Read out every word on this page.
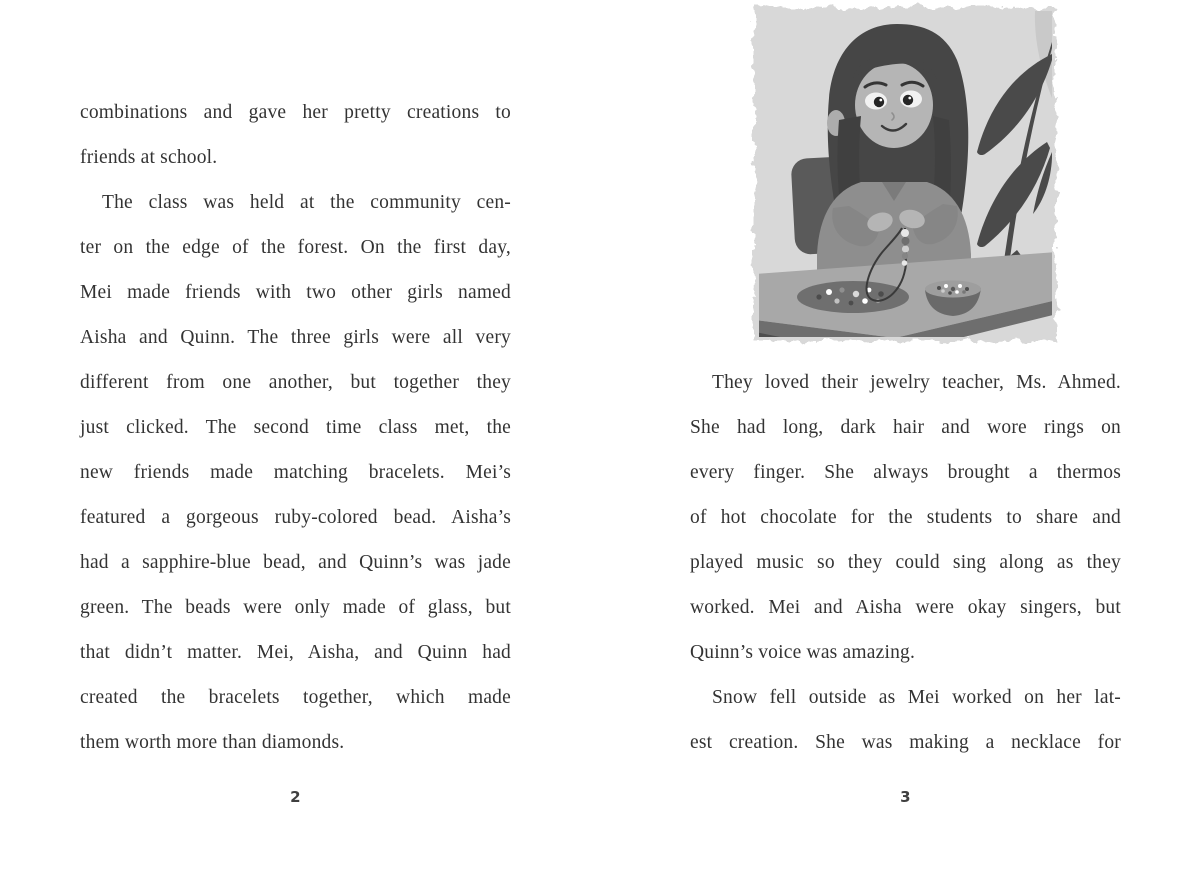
combinations and gave her pretty creations to
friends at school.
The class was held at the community cen-
ter on the edge of the forest. On the first day,
Mei made friends with two other girls named
Aisha and Quinn. The three girls were all very
different from one another, but together they
just clicked. The second time class met, the
new friends made matching bracelets. Mei’s
featured a gorgeous ruby-colored bead. Aisha’s
had a sapphire-blue bead, and Quinn’s was jade
green. The beads were only made of glass, but
that didn’t matter. Mei, Aisha, and Quinn had
created the bracelets together, which made
them worth more than diamonds.
2
They loved their jewelry teacher, Ms. Ahmed.
She had long, dark hair and wore rings on
every finger. She always brought a thermos
of hot chocolate for the students to share and
played music so they could sing along as they
worked. Mei and Aisha were okay singers, but
Quinn’s voice was amazing.
Snow fell outside as Mei worked on her lat-
est creation. She was making a necklace for
3
